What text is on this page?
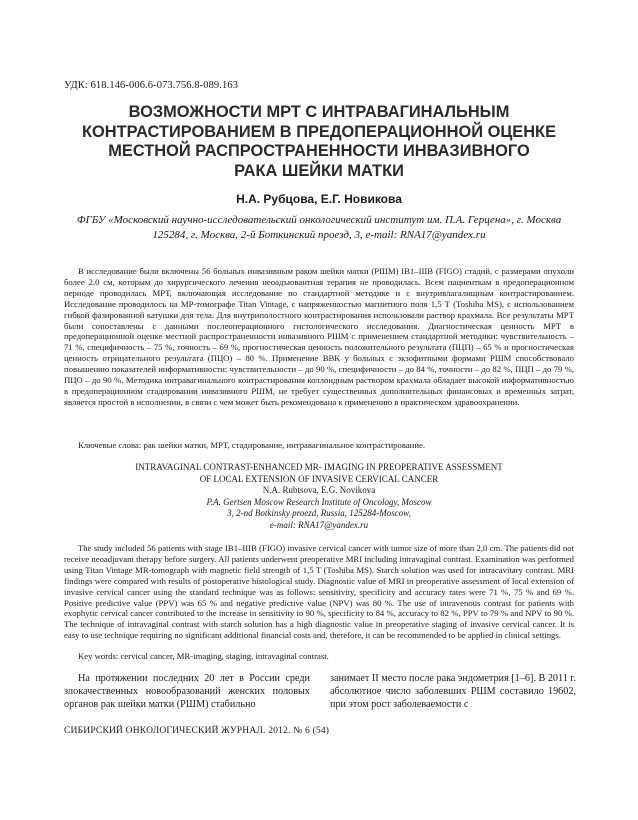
УДК: 618.146-006.6-073.756.8-089.163
ВОЗМОЖНОСТИ МРТ С ИНТРАВАГИНАЛЬНЫМ
КОНТРАСТИРОВАНИЕМ В ПРЕДОПЕРАЦИОННОЙ ОЦЕНКЕ
МЕСТНОЙ РАСПРОСТРАНЕННОСТИ ИНВАЗИВНОГО
РАКА ШЕЙКИ МАТКИ
Н.А. Рубцова, Е.Г. Новикова
ФГБУ «Московский научно-исследовательский онкологический институт им. П.А. Герцена», г. Москва
125284, г. Москва, 2-й Боткинский проезд, 3, e-mail: RNA17@yandex.ru

В исследование были включены 56 больных инвазивным раком шейки матки (РШМ) IB1–IIIB (FIGO) стадий, с размерами опухоли более 2,0 см, которым до хирургического лечения неоадъювантная терапия не проводилась. Всем пациенткам в предоперационном периоде проводилась МРТ, включающая исследование по стандартной методике и с внутривлагалищным контрастированием. Исследование проводилось на МР-томографе Titan Vintage, с напряженностью магнитного поля 1,5 Т (Toshiba MS), с использованием гибкой фазированной катушки для тела. Для внутриполостного контрастирования использовали раствор крахмала. Все результаты МРТ были сопоставлены с данными послеоперационного гистологического исследования. Диагностическая ценность МРТ в предоперационной оценке местной распространенности инвазивного РШМ с применением стандартной методики: чувствительность – 71 %, специфичность – 75 %, точность – 69 %, прогностическая ценность положительного результата (ПЦП) – 65 % и прогностическая ценность отрицательного результата (ПЦО) – 80 %. Применение ВВК у больных с экзофитными формами РШМ способствовало повышению показателей информативности: чувствительности – до 90 %, специфичности – до 84 %, точности – до 82 %, ПЦП – до 79 %, ПЦО – до 90 %. Методика интравагинального контрастирования коллоидным раствором крахмала обладает высокой информативностью в предоперационном стадировании инвазивного РШМ, не требует существенных дополнительных финансовых и временных затрат, является простой в исполнении, в связи с чем может быть рекомендована к применению в практическом здравоохранении.

Ключевые слова: рак шейки матки, МРТ, стадирование, интравагинальное контрастирование.

INTRAVAGINAL CONTRAST-ENHANCED MR- IMAGING IN PREOPERATIVE ASSESSMENT
OF LOCAL EXTENSION OF INVASIVE CERVICAL CANCER
N.A. Rubtsova, E.G. Novikova
P.A. Gertsen Moscow Research Institute of Oncology, Moscow
3, 2-nd Botkinsky proezd, Russia, 125284-Moscow,
e-mail: RNA17@yandex.ru

The study included 56 patients with stage IB1–IIIB (FIGO) invasive cervical cancer with tumor size of more than 2,0 cm. The patients did not receive neoadjuvant therapy before surgery. All patients underwent preoperative MRI including intravaginal contrast. Examination was performed using Titan Vintage MR-tomograph with magnetic field strength of 1,5 T (Toshiba MS). Starch solution was used for intracavitary contrast. MRI findings were compared with results of postoperative histological study. Diagnostic value of MRI in preoperative assessment of local extension of invasive cervical cancer using the standard technique was as follows: sensitivity, specificity and accuracy rates were 71 %, 75 % and 69 %. Positive predictive value (PPV) was 65 % and negative predictive value (NPV) was 80 %. The use of intravenous contrast for patients with exophytic cervical cancer contributed to the increase in sensitivity to 90 %, specificity to 84 %, accuracy to 82 %, PPV to 79 % and NPV to 90 %. The technique of intravaginal contrast with starch solution has a high diagnostic value in preoperative staging of invasive cervical cancer. It is easy to use technique requiring no significant additional financial costs and, therefore, it can be recommended to be applied in clinical settings.

Key words: cervical cancer, MR-imaging, staging, intravaginal contrast.

На протяжении последних 20 лет в России среди злокачественных новообразований женских половых органов рак шейки матки (РШМ) стабильно

занимает II место после рака эндометрия [1–6]. В 2011 г. абсолютное число заболевших РШМ составило 19602, при этом рост заболеваемости с

СИБИРСКИЙ ОНКОЛОГИЧЕСКИЙ ЖУРНАЛ. 2012. № 6 (54)
